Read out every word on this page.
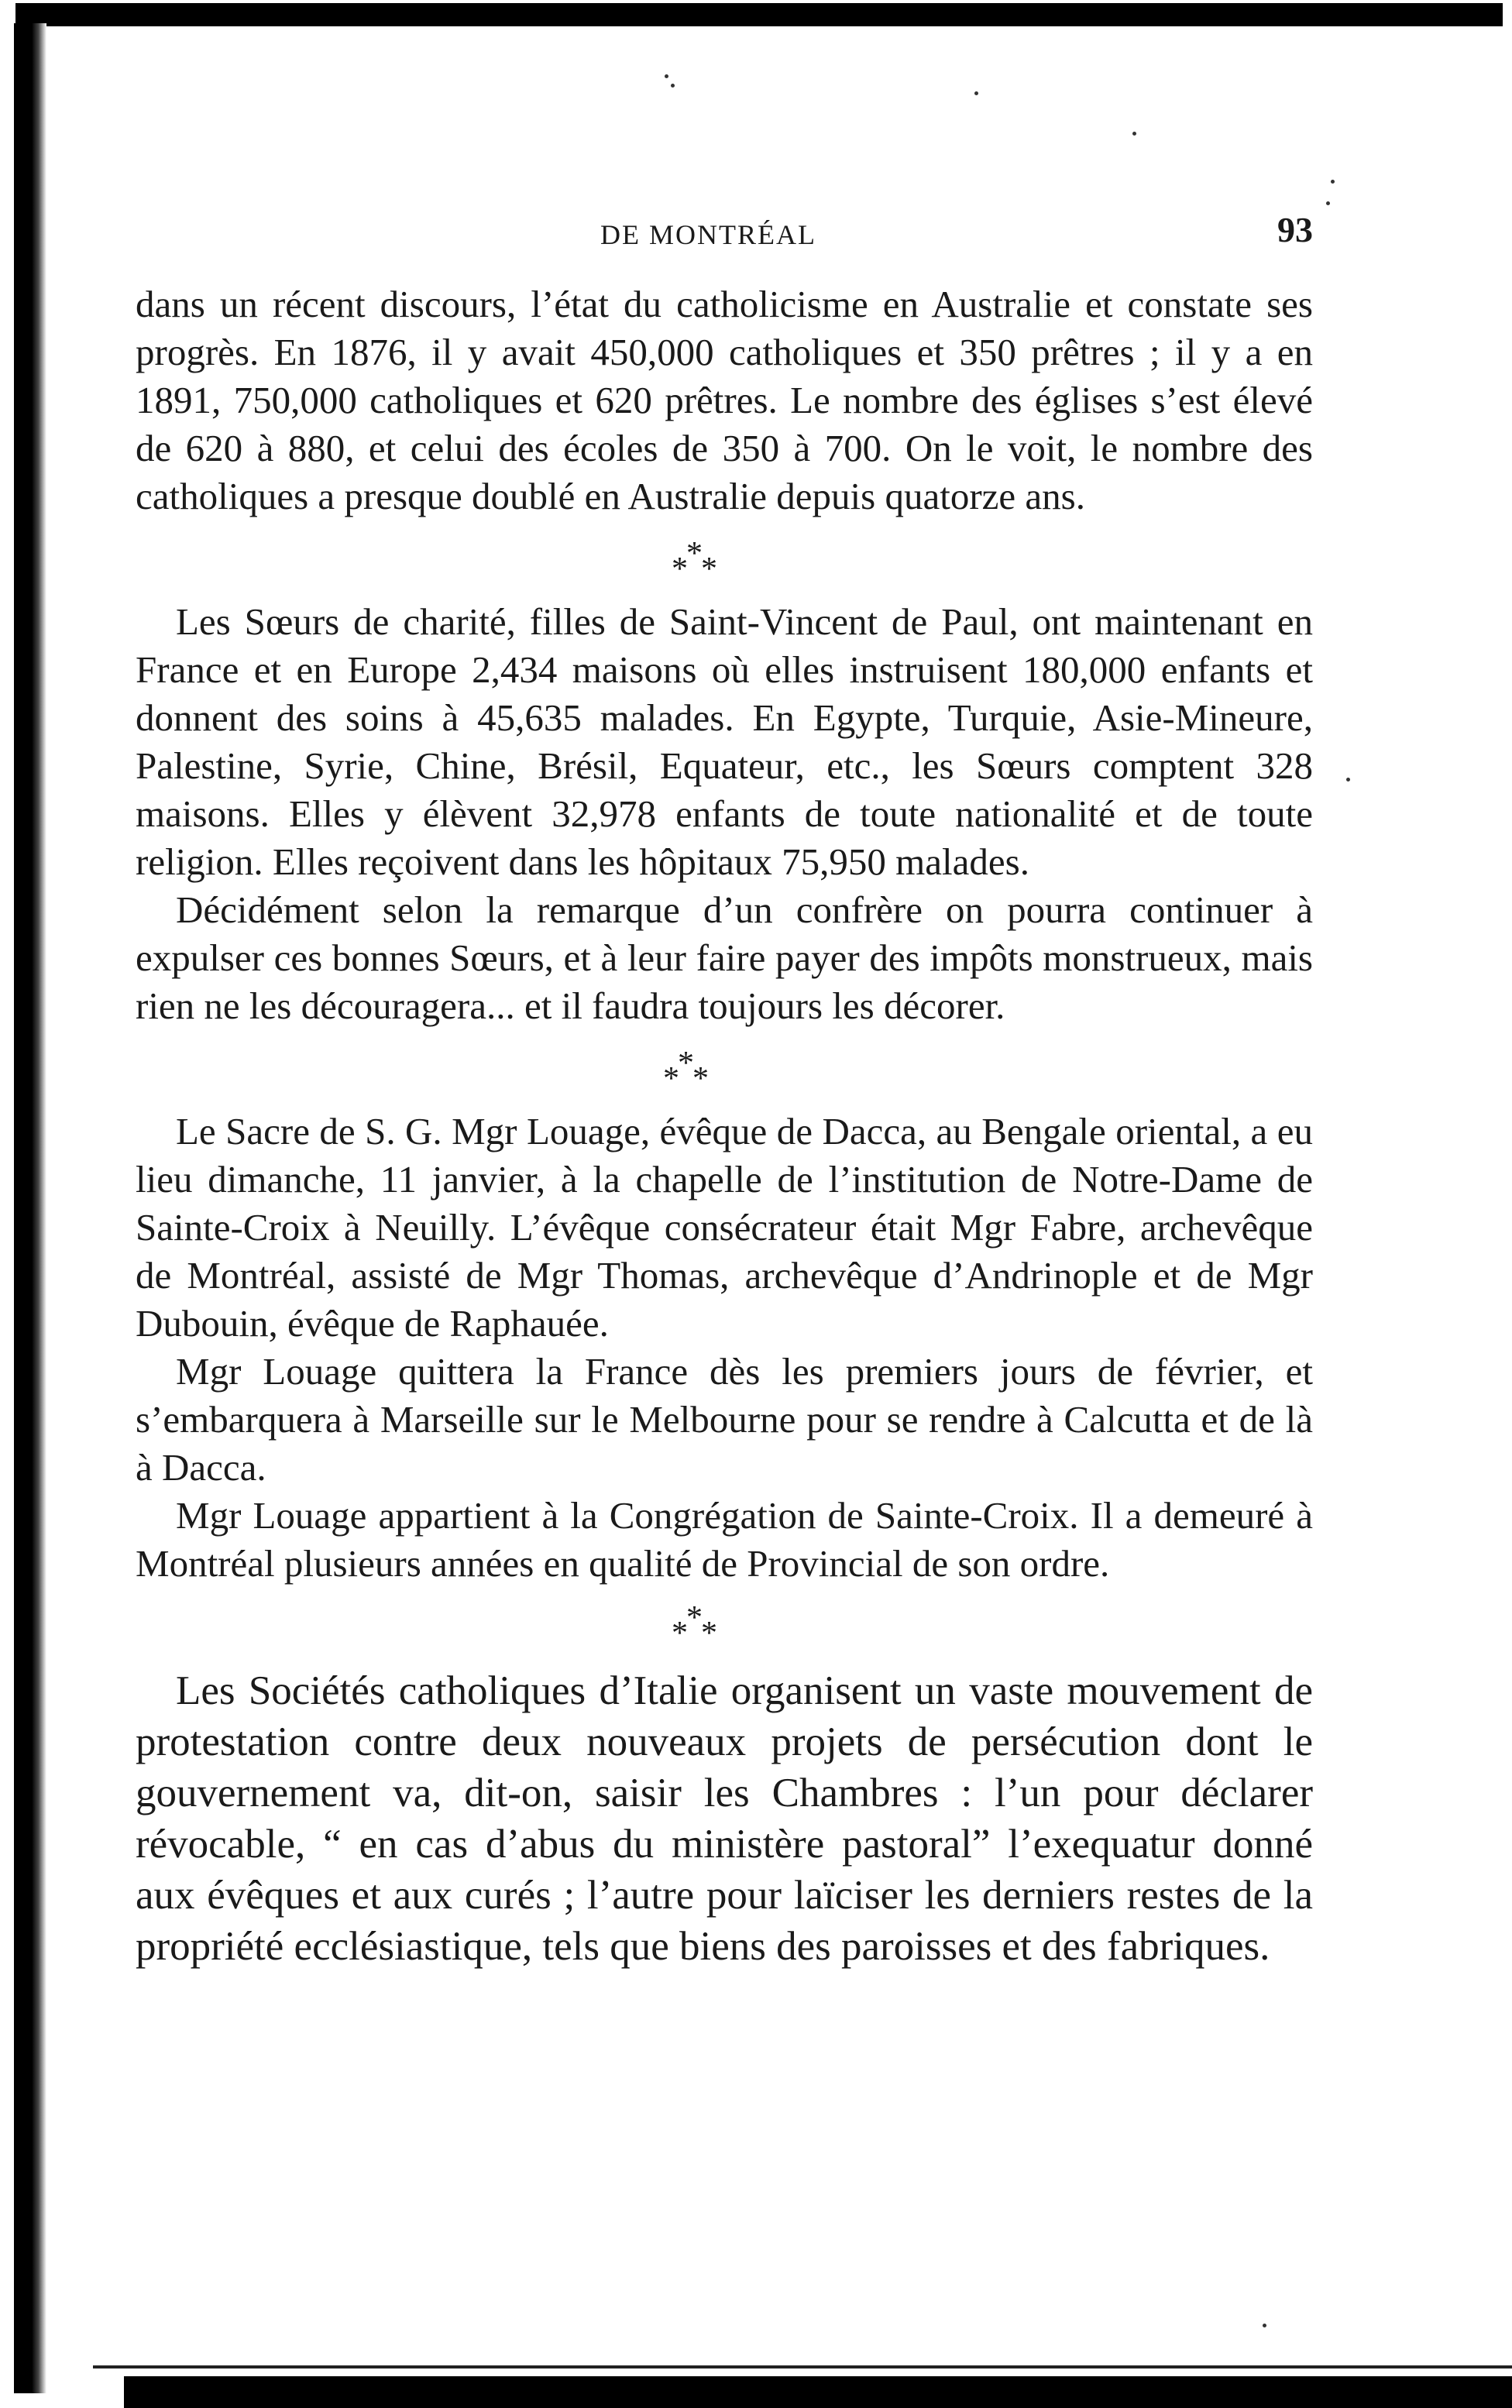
DE MONTRÉAL	93

dans un récent discours, l’état du catholicisme en Australie et constate ses progrès. En 1876, il y avait 450,000 catholiques et 350 prêtres ; il y a en 1891, 750,000 catholiques et 620 prêtres. Le nombre des églises s’est élevé de 620 à 880, et celui des écoles de 350 à 700. On le voit, le nombre des catholiques a presque doublé en Australie depuis quatorze ans.

*
* *

Les Sœurs de charité, filles de Saint-Vincent de Paul, ont maintenant en France et en Europe 2,434 maisons où elles instruisent 180,000 enfants et donnent des soins à 45,635 malades. En Egypte, Turquie, Asie-Mineure, Palestine, Syrie, Chine, Brésil, Equateur, etc., les Sœurs comptent 328 maisons. Elles y élèvent 32,978 enfants de toute nationalité et de toute religion. Elles reçoivent dans les hôpitaux 75,950 malades.

Décidément selon la remarque d’un confrère on pourra continuer à expulser ces bonnes Sœurs, et à leur faire payer des impôts monstrueux, mais rien ne les découragera... et il faudra toujours les décorer.

*
* *

Le Sacre de S. G. Mgr Louage, évêque de Dacca, au Bengale oriental, a eu lieu dimanche, 11 janvier, à la chapelle de l’institution de Notre-Dame de Sainte-Croix à Neuilly. L’évêque consécrateur était Mgr Fabre, archevêque de Montréal, assisté de Mgr Thomas, archevêque d’Andrinople et de Mgr Dubouin, évêque de Raphauée.

Mgr Louage quittera la France dès les premiers jours de février, et s’embarquera à Marseille sur le Melbourne pour se rendre à Calcutta et de là à Dacca.

Mgr Louage appartient à la Congrégation de Sainte-Croix. Il a demeuré à Montréal plusieurs années en qualité de Provincial de son ordre.

*
* *

Les Sociétés catholiques d’Italie organisent un vaste mouvement de protestation contre deux nouveaux projets de persécution dont le gouvernement va, dit-on, saisir les Chambres : l’un pour déclarer révocable, “ en cas d’abus du ministère pastoral” l’exequatur donné aux évêques et aux curés ; l’autre pour laïciser les derniers restes de la propriété ecclésiastique, tels que biens des paroisses et des fabriques.
